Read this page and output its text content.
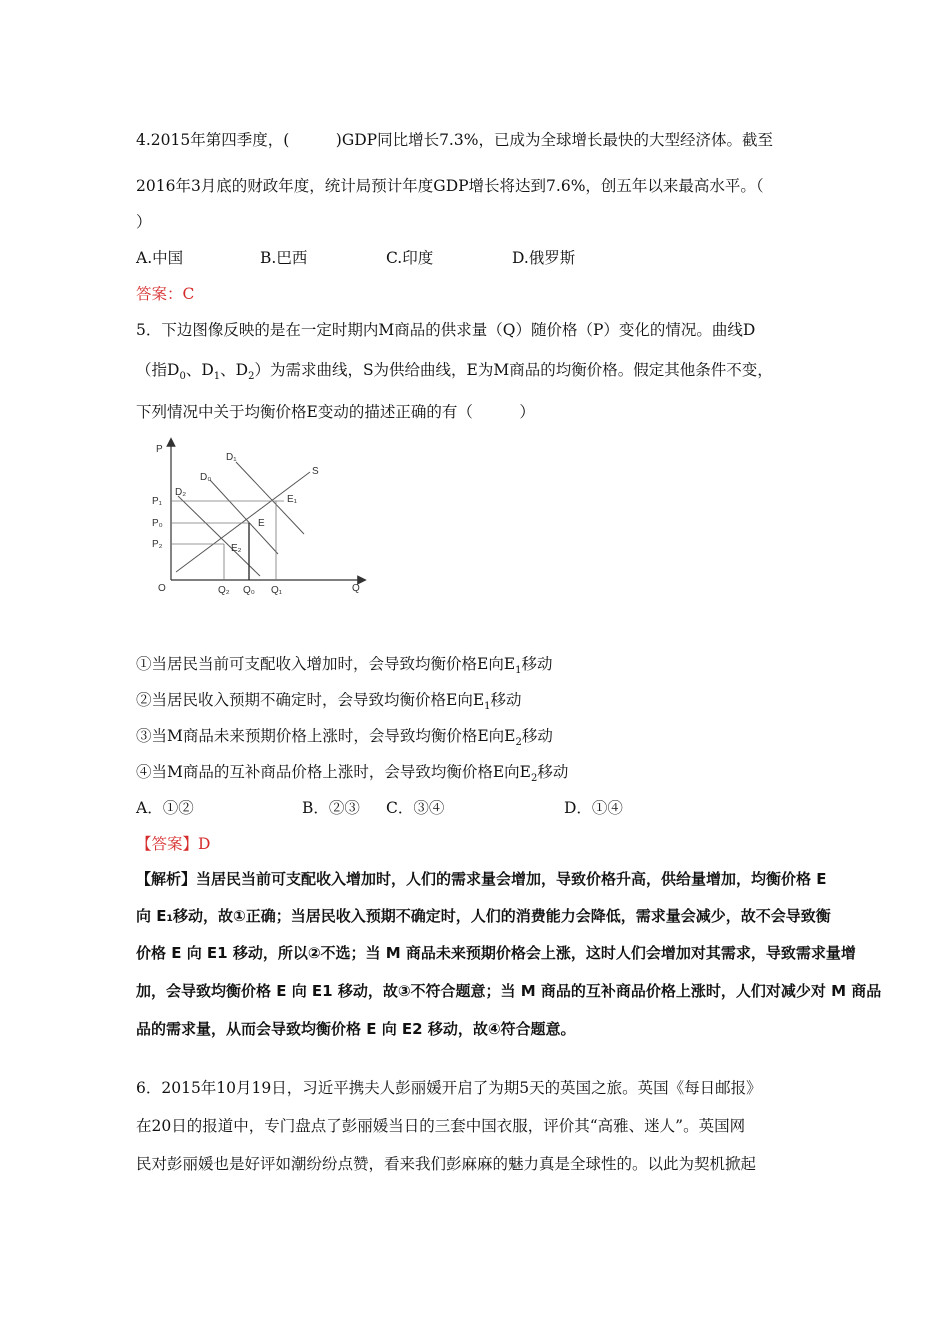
4.2015年第四季度，(　　　)GDP同比增长7.3%，已成为全球增长最快的大型经济体。截至
2016年3月底的财政年度，统计局预计年度GDP增长将达到7.6%，创五年以来最高水平。（
）
A.中国	B.巴西	C.印度	D.俄罗斯
答案：C
5．下边图像反映的是在一定时期内M商品的供求量（Q）随价格（P）变化的情况。曲线D
（指$D_0$、$D_1$、$D_2$）为需求曲线，S为供给曲线，E为M商品的均衡价格。假定其他条件不变，
下列情况中关于均衡价格E变动的描述正确的有（　　　）
P
Q
O
P₁
P₀
P₂
Q₂ Q₀ Q₁
D₁
D₀
D₂
S
E
E₁
E₂
①当居民当前可支配收入增加时，会导致均衡价格E向$E_1$移动
②当居民收入预期不确定时，会导致均衡价格E向$E_1$移动
③当M商品未来预期价格上涨时，会导致均衡价格E向$E_2$移动
④当M商品的互补商品价格上涨时，会导致均衡价格E向$E_2$移动
A．①②	B．②③ C．③④	D．①④
【答案】D
【解析】当居民当前可支配收入增加时，人们的需求量会增加，导致价格升高，供给量增加，均衡价格 E
向 E₁移动，故①正确；当居民收入预期不确定时，人们的消费能力会降低，需求量会减少，故不会导致衡
价格 E 向 E1 移动，所以②不选；当 M 商品未来预期价格会上涨，这时人们会增加对其需求，导致需求量增
加，会导致均衡价格 E 向 E1 移动，故③不符合题意；当 M 商品的互补商品价格上涨时，人们对减少对 M 商品
品的需求量，从而会导致均衡价格 E 向 E2 移动，故④符合题意。
6．2015年10月19日，习近平携夫人彭丽媛开启了为期5天的英国之旅。英国《每日邮报》
在20日的报道中，专门盘点了彭丽媛当日的三套中国衣服，评价其“高雅、迷人”。英国网
民对彭丽媛也是好评如潮纷纷点赞，看来我们彭麻麻的魅力真是全球性的。以此为契机掀起
